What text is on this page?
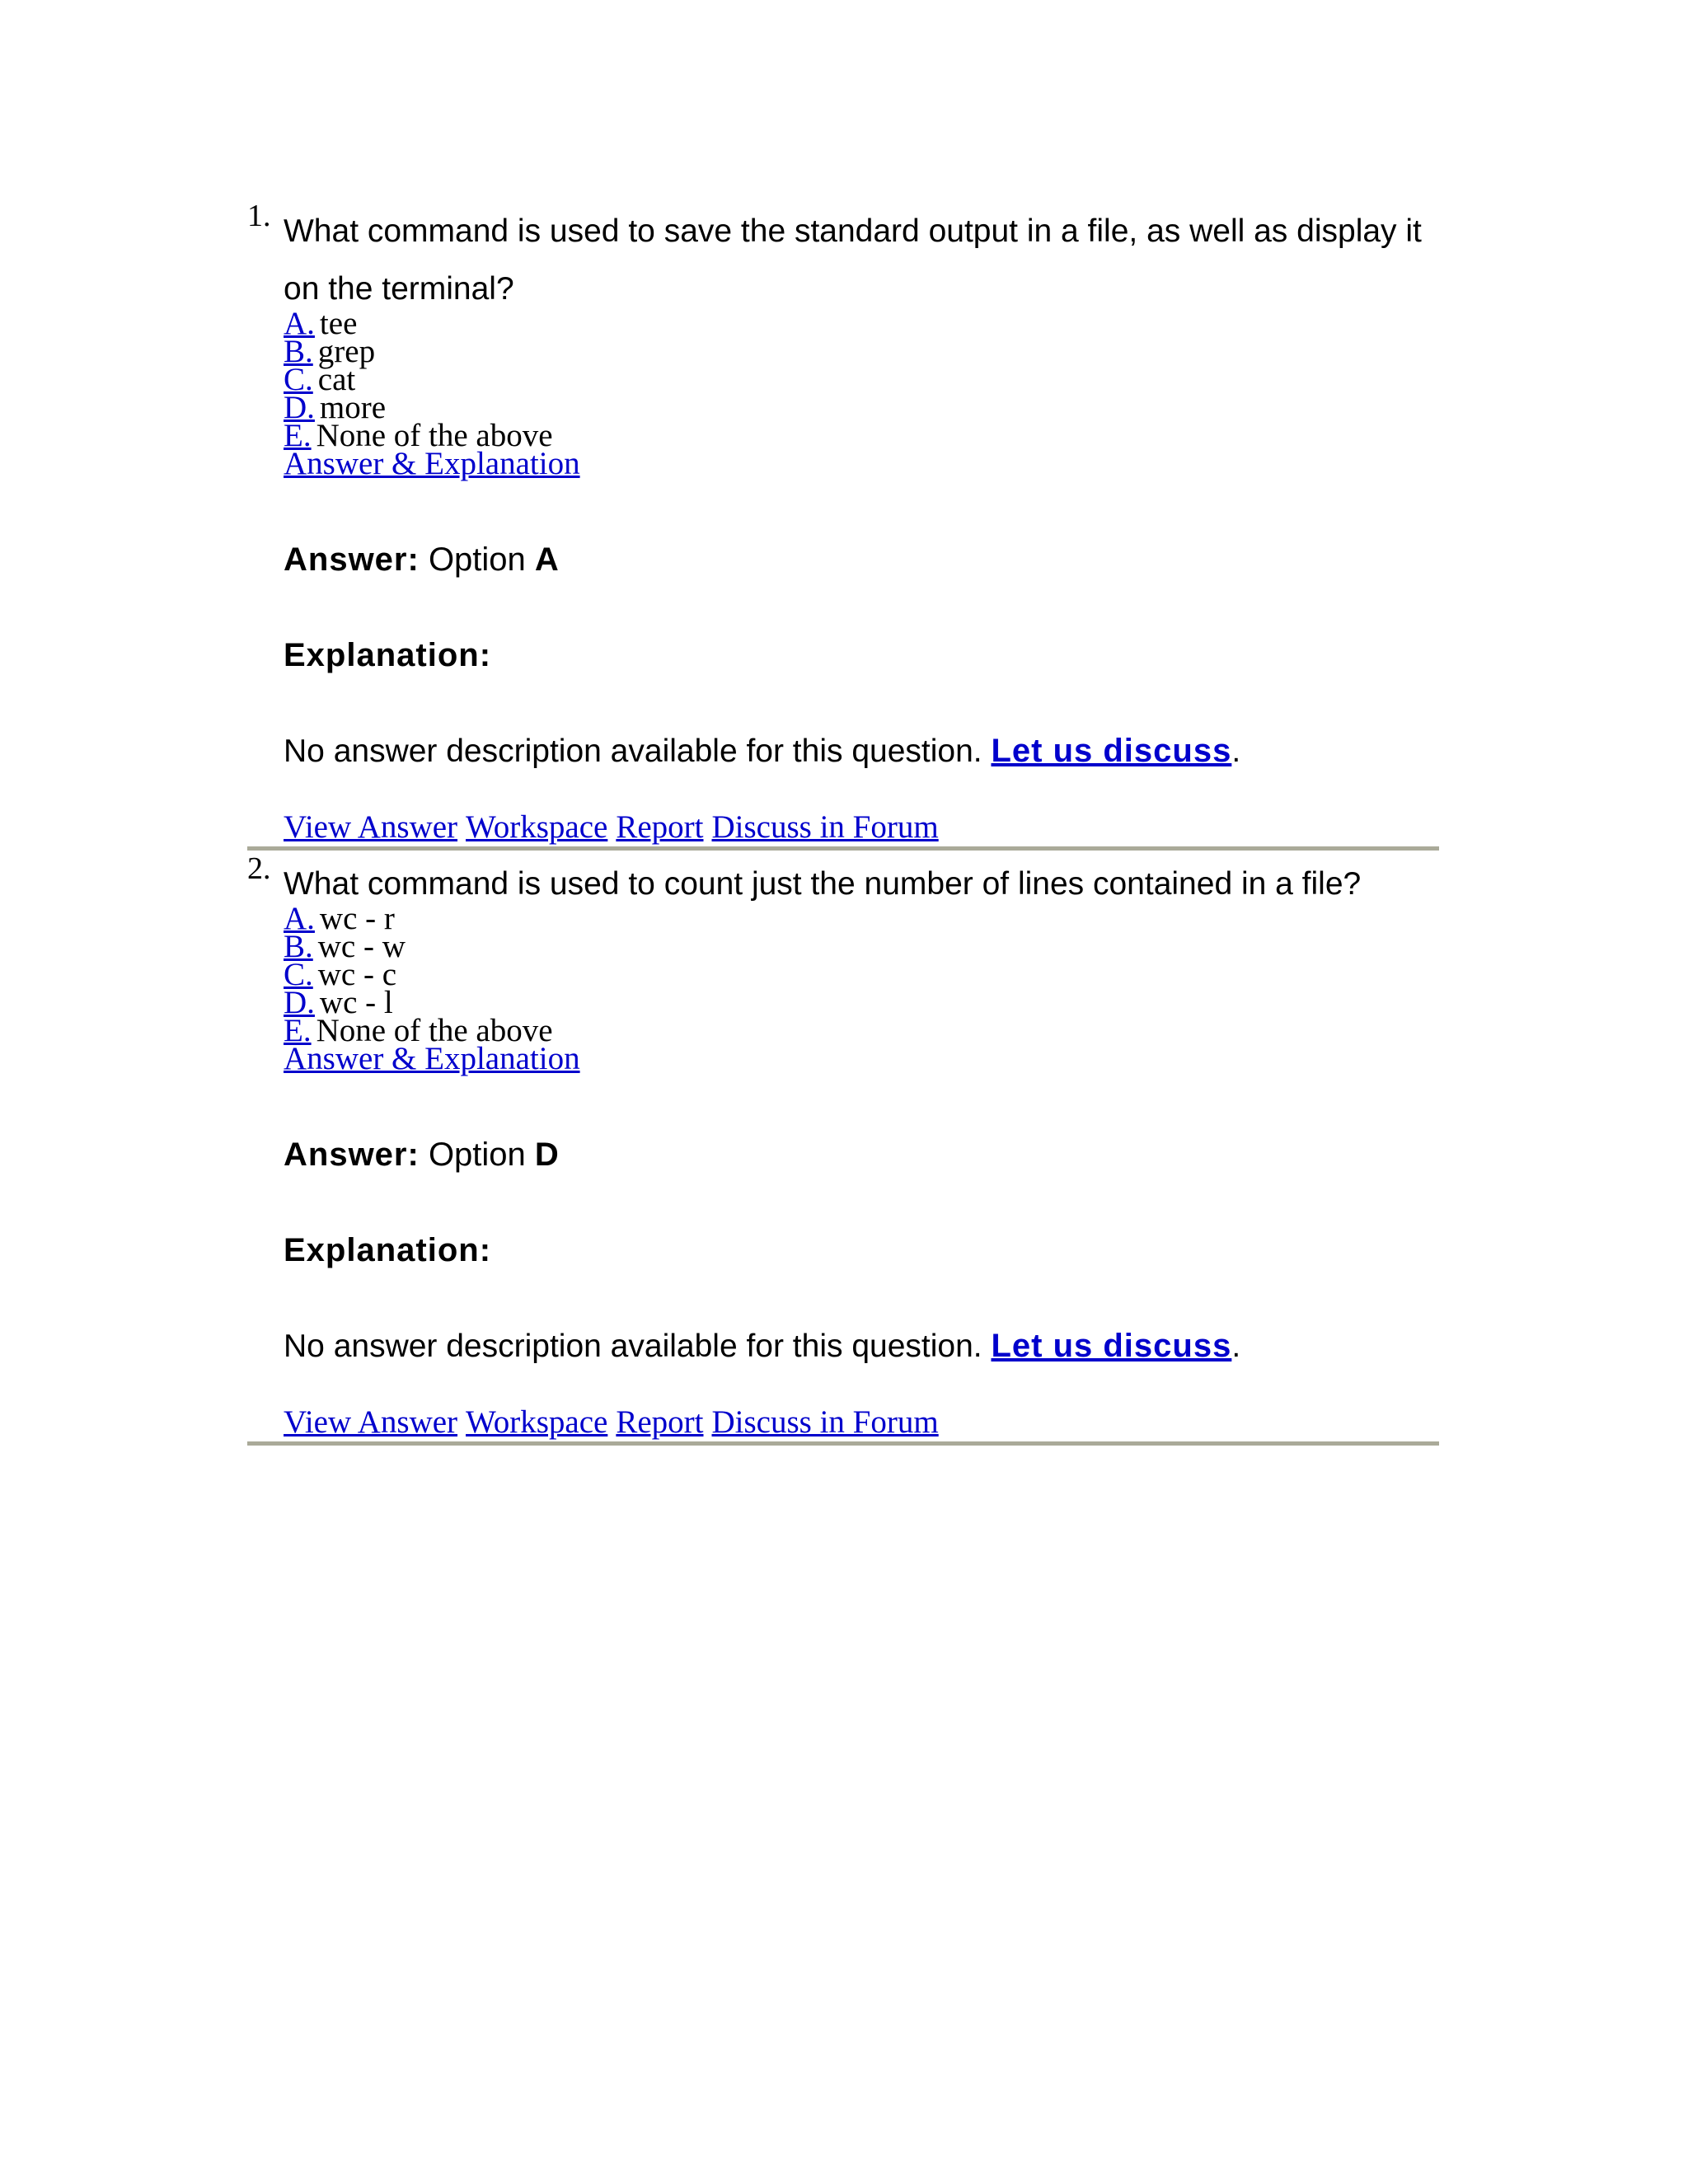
1. What command is used to save the standard output in a file, as well as display it on the terminal?

A. tee
B. grep
C. cat
D. more
E. None of the above
Answer & Explanation
Answer: Option A
Explanation:
No answer description available for this question. Let us discuss.
View Answer Workspace Report Discuss in Forum
2. What command is used to count just the number of lines contained in a file?

A. wc - r
B. wc - w
C. wc - c
D. wc - l
E. None of the above
Answer & Explanation
Answer: Option D
Explanation:
No answer description available for this question. Let us discuss.
View Answer Workspace Report Discuss in Forum
